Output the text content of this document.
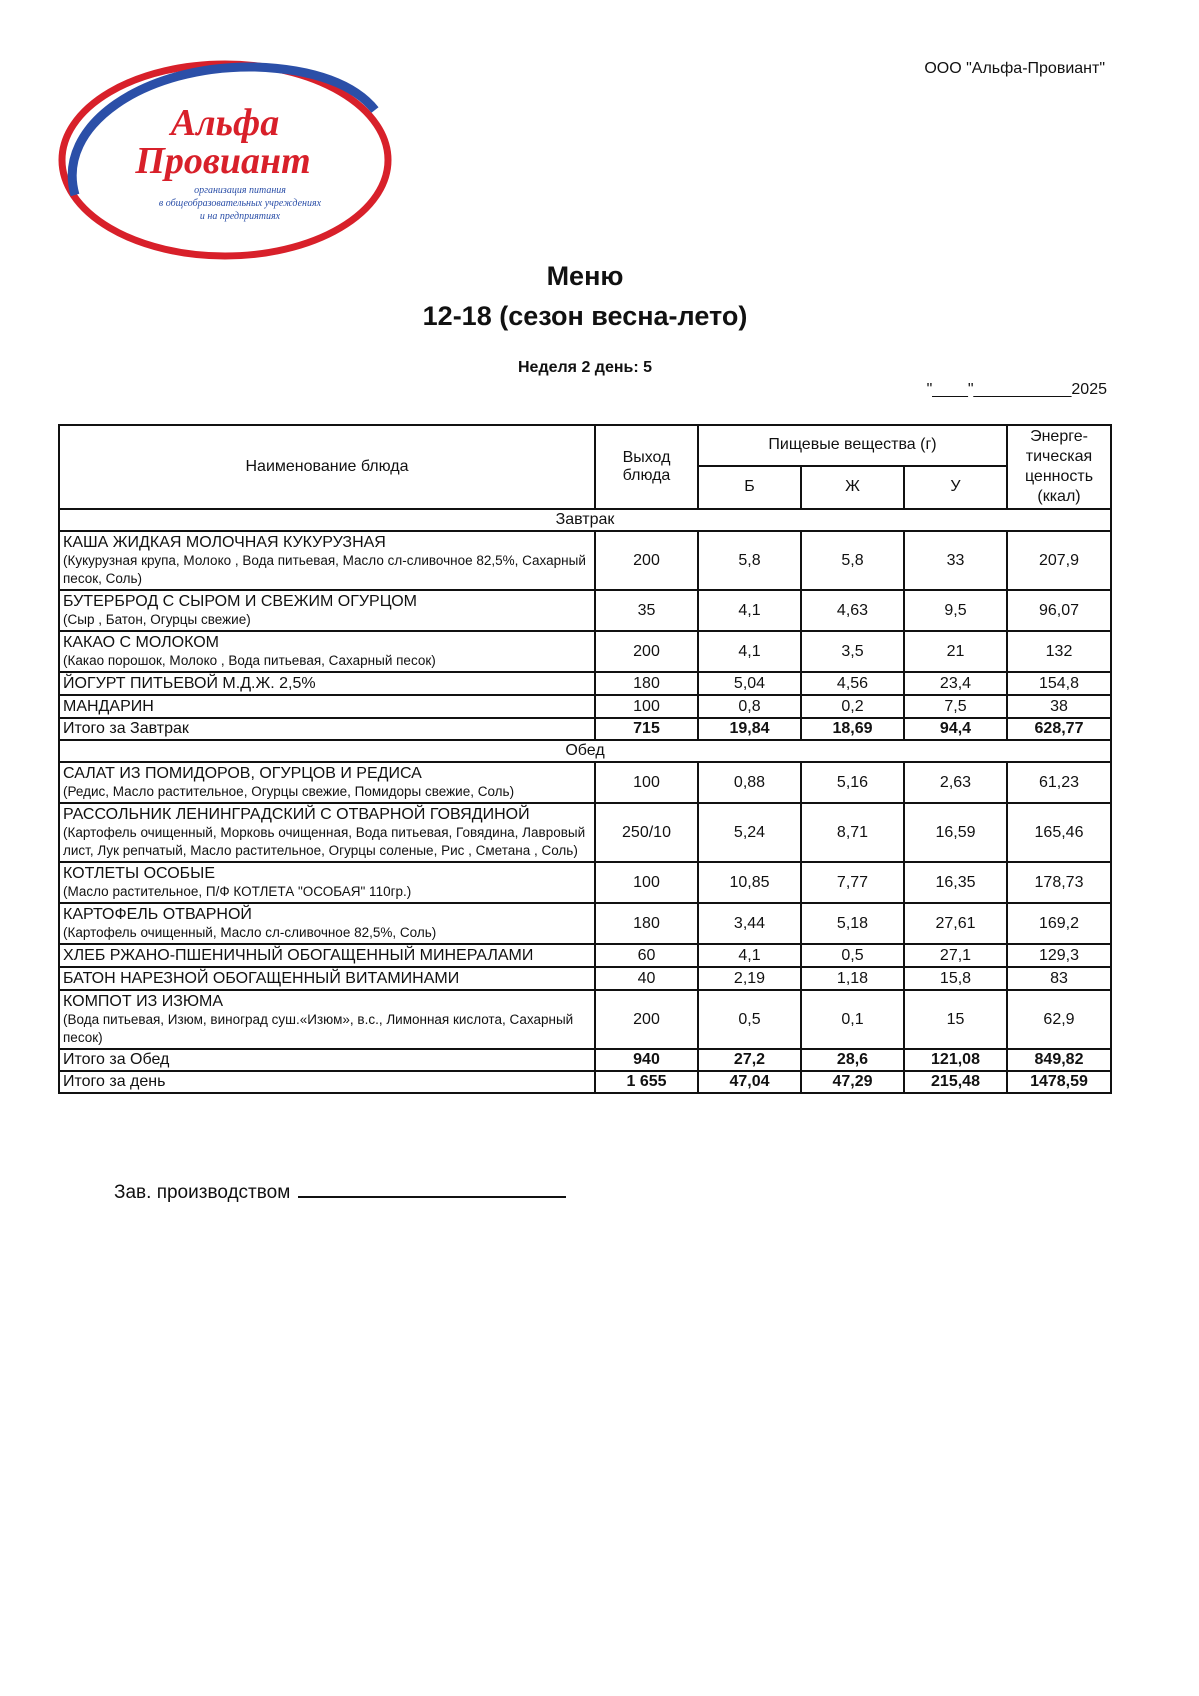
Альфа
Провиант
организация питания
в общеобразовательных учреждениях
и на предприятиях
ООО "Альфа-Провиант"
Меню
12-18 (сезон весна-лето)
Неделя 2 день: 5
"____"___________2025
Наименование блюда	Выход блюда	Пищевые вещества (г)			Энерге-тическая ценность (ккал)
		Б	Ж	У	
Завтрак					

КАША ЖИДКАЯ МОЛОЧНАЯ КУКУРУЗНАЯ
(Кукурузная крупа, Молоко , Вода питьевая, Масло сл-сливочное 82,5%, Сахарный песок, Соль)	200	5,8	5,8	33	207,9

БУТЕРБРОД С СЫРОМ И СВЕЖИМ ОГУРЦОМ
(Сыр , Батон, Огурцы свежие)	35	4,1	4,63	9,5	96,07

КАКАО С МОЛОКОМ
(Какао порошок, Молоко , Вода питьевая, Сахарный песок)	200	4,1	3,5	21	132

ЙОГУРТ ПИТЬЕВОЙ М.Д.Ж. 2,5%	180	5,04	4,56	23,4	154,8

МАНДАРИН	100	0,8	0,2	7,5	38
Итого за Завтрак	715	19,84	18,69	94,4	628,77
Обед					

САЛАТ ИЗ ПОМИДОРОВ, ОГУРЦОВ И РЕДИСА
(Редис, Масло растительное, Огурцы свежие, Помидоры свежие, Соль)	100	0,88	5,16	2,63	61,23

РАССОЛЬНИК ЛЕНИНГРАДСКИЙ С ОТВАРНОЙ ГОВЯДИНОЙ
(Картофель очищенный, Морковь очищенная, Вода питьевая, Говядина, Лавровый лист, Лук репчатый, Масло растительное, Огурцы соленые, Рис , Сметана , Соль)	250/10	5,24	8,71	16,59	165,46

КОТЛЕТЫ ОСОБЫЕ
(Масло растительное, П/Ф КОТЛЕТА "ОСОБАЯ" 110гр.)	100	10,85	7,77	16,35	178,73

КАРТОФЕЛЬ ОТВАРНОЙ
(Картофель очищенный, Масло сл-сливочное 82,5%, Соль)	180	3,44	5,18	27,61	169,2

ХЛЕБ РЖАНО-ПШЕНИЧНЫЙ ОБОГАЩЕННЫЙ МИНЕРАЛАМИ	60	4,1	0,5	27,1	129,3

БАТОН НАРЕЗНОЙ ОБОГАЩЕННЫЙ ВИТАМИНАМИ	40	2,19	1,18	15,8	83

КОМПОТ ИЗ ИЗЮМА
(Вода питьевая, Изюм, виноград суш.«Изюм», в.с., Лимонная кислота, Сахарный песок)	200	0,5	0,1	15	62,9
Итого за Обед	940	27,2	28,6	121,08	849,82
Итого за день	1 655	47,04	47,29	215,48	1478,59
Зав. производством
